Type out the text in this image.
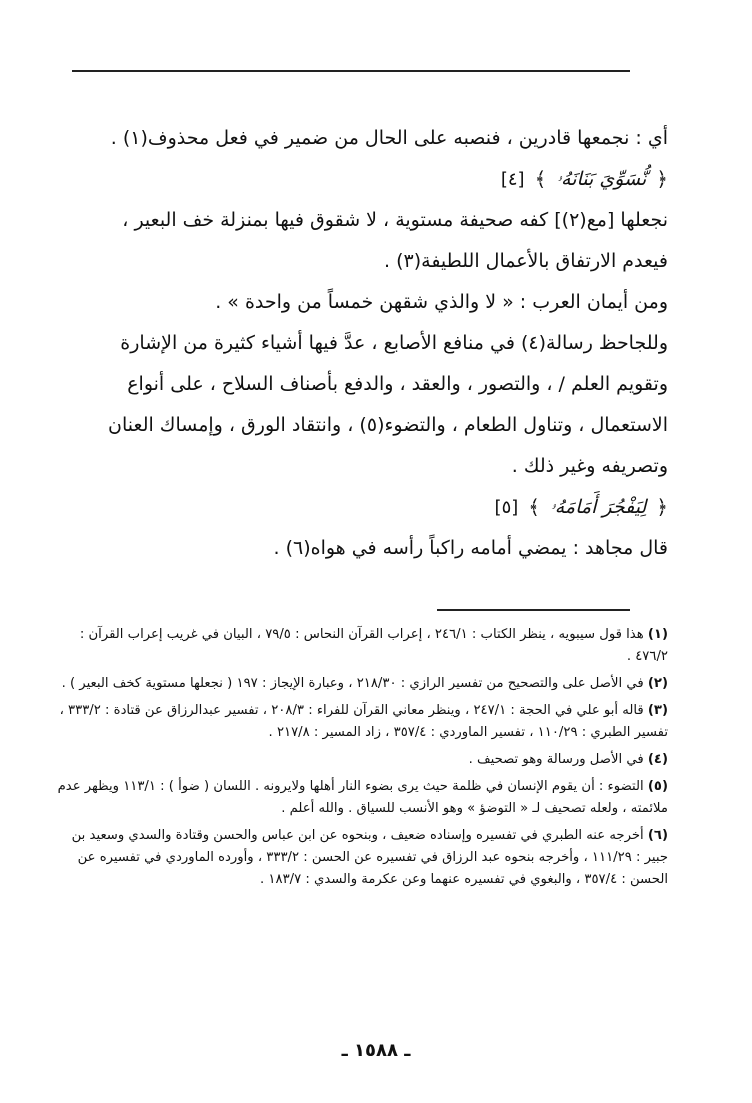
أي : نجمعها قادرين ، فنصبه على الحال من ضمير في فعل محذوف(١) .

﴿
نُّسَوِّيَ بَنَانَهُۥ
﴾
[٤]

نجعلها [مع(٢)] كفه صحيفة مستوية ، لا شقوق فيها بمنزلة خف البعير ،

فيعدم الارتفاق بالأعمال اللطيفة(٣) .

ومن أيمان العرب : « لا والذي شقهن خمساً من واحدة » .

وللجاحظ رسالة(٤) في منافع الأصابع ، عدَّ فيها أشياء كثيرة من الإشارة

وتقويم العلم / ، والتصور ، والعقد ، والدفع بأصناف السلاح ، على أنواع

الاستعمال ، وتناول الطعام ، والتضوء(٥) ، وانتقاد الورق ، وإمساك العنان

وتصريفه وغير ذلك .

﴿
لِيَفْجُرَ أَمَامَهُۥ
﴾
[٥]

قال مجاهد : يمضي أمامه راكباً رأسه في هواه(٦) .

(١) هذا قول سيبويه ، ينظر الكتاب : ٢٤٦/١ ، إعراب القرآن النحاس : ٧٩/٥ ، البيان في غريب إعراب القرآن : ٤٧٦/٢ .

(٢) في الأصل على والتصحيح من تفسير الرازي : ٢١٨/٣٠ ، وعبارة الإيجاز : ١٩٧ ( نجعلها مستوية كخف البعير ) .

(٣) قاله أبو علي في الحجة : ٢٤٧/١ ، وينظر معاني القرآن للفراء : ٢٠٨/٣ ، تفسير عبدالرزاق عن قتادة : ٣٣٣/٢ ، تفسير الطبري : ١١٠/٢٩ ، تفسير الماوردي : ٣٥٧/٤ ، زاد المسير : ٢١٧/٨ .

(٤) في الأصل ورسالة وهو تصحيف .

(٥) التضوء : أن يقوم الإنسان في ظلمة حيث يرى بضوء النار أهلها ولايرونه . اللسان ( ضوأ ) : ١١٣/١ ويظهر عدم ملائمته ، ولعله تصحيف لـ « التوضؤ » وهو الأنسب للسياق . والله أعلم .

(٦) أخرجه عنه الطبري في تفسيره وإسناده ضعيف ، وبنحوه عن ابن عباس والحسن وقتادة والسدي وسعيد بن جبير : ١١١/٢٩ ، وأخرجه بنحوه عبد الرزاق في تفسيره عن الحسن : ٣٣٣/٢ ، وأورده الماوردي في تفسيره عن الحسن : ٣٥٧/٤ ، والبغوي في تفسيره عنهما وعن عكرمة والسدي : ١٨٣/٧ .

ـ ١٥٨٨ ـ
